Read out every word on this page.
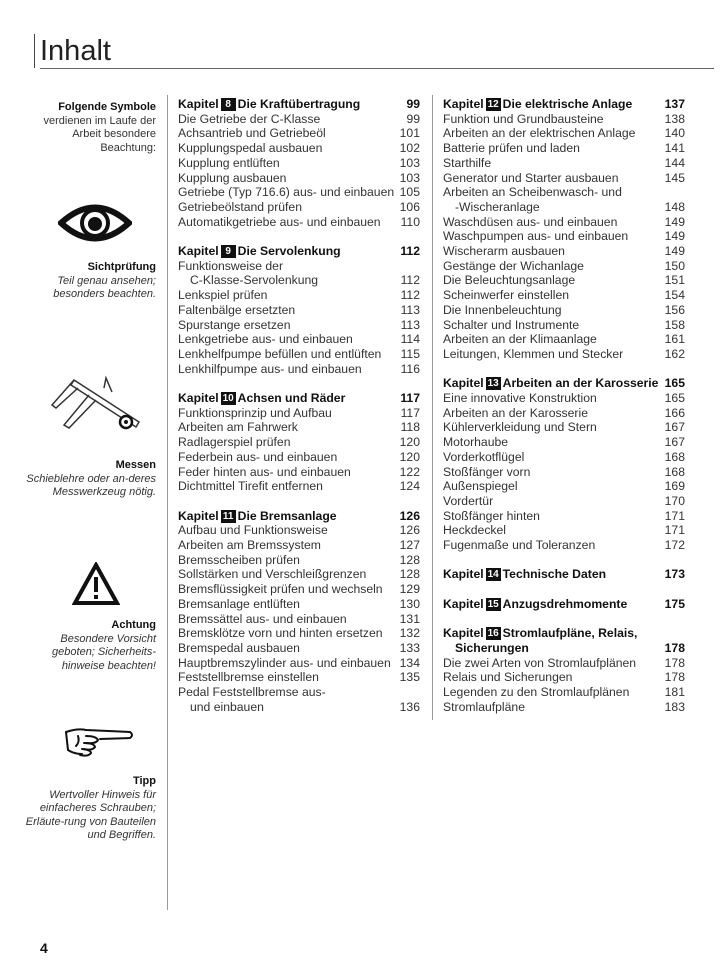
Inhalt
Folgende Symbole
verdienen im Laufe der Arbeit besondere Beachtung:
Sichtprüfung
Teil genau ansehen; besonders beachten.
Messen
Schieblehre oder an-deres Messwerkzeug nötig.
Achtung
Besondere Vorsicht geboten; Sicherheits-hinweise beachten!
Tipp
Wertvoller Hinweis für einfacheres Schrauben; Erläute-rung von Bauteilen und Begriffen.
Kapitel 8 Die Kraftübertragung	99
Die Getriebe der C-Klasse	99
Achsantrieb und Getriebeöl	101
Kupplungspedal ausbauen	102
Kupplung entlüften	103
Kupplung ausbauen	103
Getriebe (Typ 716.6) aus- und einbauen 105
Getriebeölstand prüfen	106
Automatikgetriebe aus- und einbauen 110
Kapitel 9 Die Servolenkung	112
Funktionsweise der
C-Klasse-Servolenkung	112
Lenkspiel prüfen	112
Faltenbälge ersetzten	113
Spurstange ersetzen	113
Lenkgetriebe aus- und einbauen	114
Lenkhelfpumpe befüllen und entlüften 115
Lenkhilfpumpe aus- und einbauen	116
Kapitel 10 Achsen und Räder	117
Funktionsprinzip und Aufbau	117
Arbeiten am Fahrwerk	118
Radlagerspiel prüfen	120
Federbein aus- und einbauen	120
Feder hinten aus- und einbauen	122
Dichtmittel Tirefit entfernen	124
Kapitel 11 Die Bremsanlage	126
Aufbau und Funktionsweise	126
Arbeiten am Bremssystem	127
Bremsscheiben prüfen	128
Sollstärken und Verschleißgrenzen	128
Bremsflüssigkeit prüfen und wechseln 129
Bremsanlage entlüften	130
Bremssättel aus- und einbauen	131
Bremsklötze vorn und hinten ersetzen 132
Bremspedal ausbauen	133
Hauptbremszylinder aus- und einbauen 134
Feststellbremse einstellen	135
Pedal Feststellbremse aus-
und einbauen	136
Kapitel 12 Die elektrische Anlage	137
Funktion und Grundbausteine	138
Arbeiten an der elektrischen Anlage 140
Batterie prüfen und laden	141
Starthilfe	144
Generator und Starter ausbauen	145
Arbeiten an Scheibenwasch- und
-Wischeranlage	148
Waschdüsen aus- und einbauen	149
Waschpumpen aus- und einbauen	149
Wischerarm ausbauen	149
Gestänge der Wichanlage	150
Die Beleuchtungsanlage	151
Scheinwerfer einstellen	154
Die Innenbeleuchtung	156
Schalter und Instrumente	158
Arbeiten an der Klimaanlage	161
Leitungen, Klemmen und Stecker	162
Kapitel 13 Arbeiten an der Karosserie 165
Eine innovative Konstruktion	165
Arbeiten an der Karosserie	166
Kühlerverkleidung und Stern	167
Motorhaube	167
Vorderkotflügel	168
Stoßfänger vorn	168
Außenspiegel	169
Vordertür	170
Stoßfänger hinten	171
Heckdeckel	171
Fugenmaße und Toleranzen	172
Kapitel 14 Technische Daten	173
Kapitel 15 Anzugsdrehmomente	175
Kapitel 16 Stromlaufpläne, Relais,
Sicherungen	178
Die zwei Arten von Stromlaufplänen 178
Relais und Sicherungen	178
Legenden zu den Stromlaufplänen	181
Stromlaufpläne	183
4
